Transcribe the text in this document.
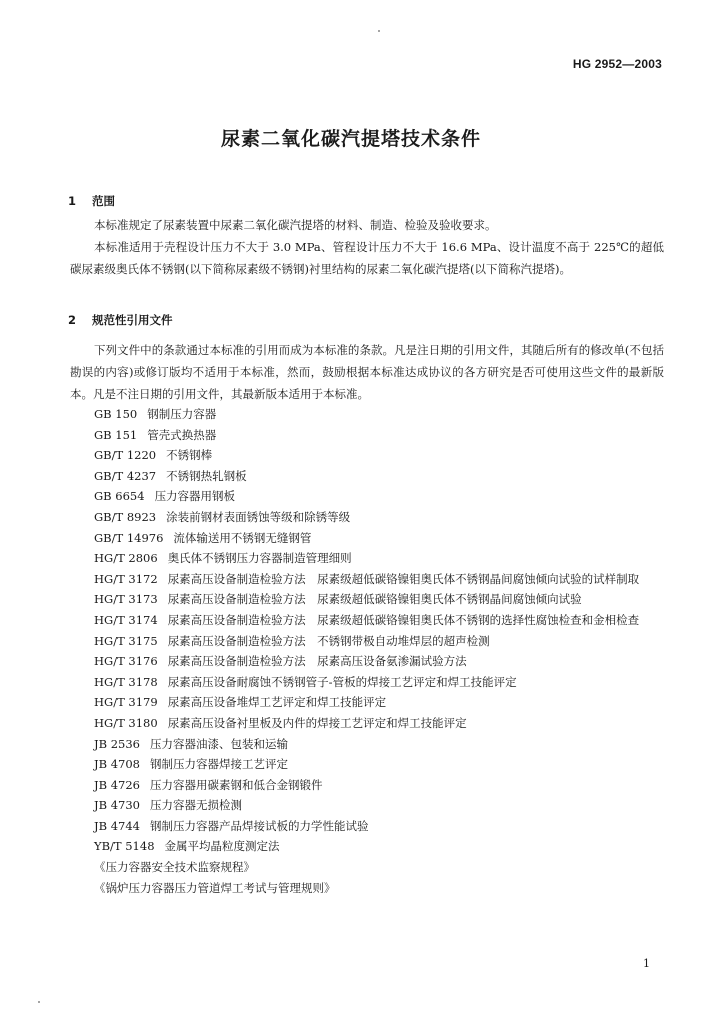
HG 2952—2003
尿素二氧化碳汽提塔技术条件
1 范围

本标准规定了尿素装置中尿素二氧化碳汽提塔的材料、制造、检验及验收要求。

本标准适用于壳程设计压力不大于 3.0 MPa、管程设计压力不大于 16.6 MPa、设计温度不高于 225℃的超低碳尿素级奥氏体不锈钢(以下简称尿素级不锈钢)衬里结构的尿素二氧化碳汽提塔(以下简称汽提塔)。

2 规范性引用文件

下列文件中的条款通过本标准的引用而成为本标准的条款。凡是注日期的引用文件，其随后所有的修改单(不包括勘误的内容)或修订版均不适用于本标准，然而，鼓励根据本标准达成协议的各方研究是否可使用这些文件的最新版本。凡是不注日期的引用文件，其最新版本适用于本标准。

GB 150 钢制压力容器
GB 151 管壳式换热器
GB/T 1220 不锈钢棒
GB/T 4237 不锈钢热轧钢板
GB 6654 压力容器用钢板
GB/T 8923 涂装前钢材表面锈蚀等级和除锈等级
GB/T 14976 流体输送用不锈钢无缝钢管
HG/T 2806 奥氏体不锈钢压力容器制造管理细则
HG/T 3172 尿素高压设备制造检验方法　尿素级超低碳铬镍钼奥氏体不锈钢晶间腐蚀倾向试验的试样制取
HG/T 3173 尿素高压设备制造检验方法　尿素级超低碳铬镍钼奥氏体不锈钢晶间腐蚀倾向试验
HG/T 3174 尿素高压设备制造检验方法　尿素级超低碳铬镍钼奥氏体不锈钢的选择性腐蚀检查和金相检查
HG/T 3175 尿素高压设备制造检验方法　不锈钢带极自动堆焊层的超声检测
HG/T 3176 尿素高压设备制造检验方法　尿素高压设备氨渗漏试验方法
HG/T 3178 尿素高压设备耐腐蚀不锈钢管子-管板的焊接工艺评定和焊工技能评定
HG/T 3179 尿素高压设备堆焊工艺评定和焊工技能评定
HG/T 3180 尿素高压设备衬里板及内件的焊接工艺评定和焊工技能评定
JB 2536 压力容器油漆、包装和运输
JB 4708 钢制压力容器焊接工艺评定
JB 4726 压力容器用碳素钢和低合金钢锻件
JB 4730 压力容器无损检测
JB 4744 钢制压力容器产品焊接试板的力学性能试验
YB/T 5148 金属平均晶粒度测定法
《压力容器安全技术监察规程》
《锅炉压力容器压力管道焊工考试与管理规则》
1
